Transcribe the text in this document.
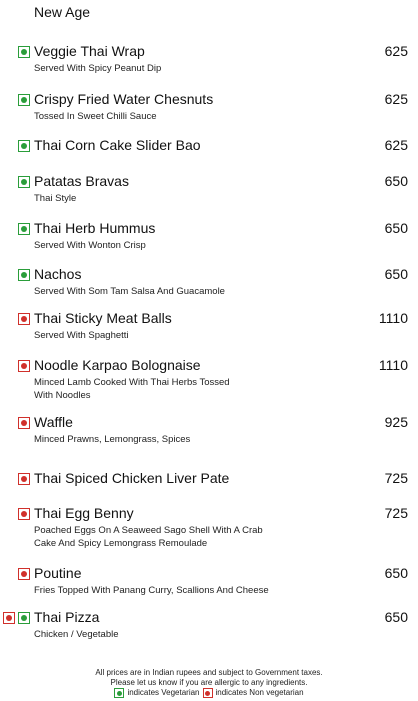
New Age
Veggie Thai Wrap	625
Served With Spicy Peanut Dip
Crispy Fried Water Chesnuts	625
Tossed In Sweet Chilli Sauce
Thai Corn Cake Slider Bao	625
Patatas Bravas	650
Thai Style
Thai Herb Hummus	650
Served With Wonton Crisp
Nachos	650
Served With Som Tam Salsa And Guacamole
Thai Sticky Meat Balls	1110
Served With Spaghetti
Noodle Karpao Bolognaise	1110
Minced Lamb Cooked With Thai Herbs Tossed With Noodles
Waffle	925
Minced Prawns, Lemongrass, Spices
Thai Spiced Chicken Liver Pate	725
Thai Egg Benny	725
Poached Eggs On A Seaweed Sago Shell With A Crab Cake And Spicy Lemongrass Remoulade
Poutine	650
Fries Topped With Panang Curry, Scallions And Cheese
Thai Pizza	650
Chicken / Vegetable
All prices are in Indian rupees and subject to Government taxes.
Please let us know if you are allergic to any ingredients.
indicates Vegetarian indicates Non vegetarian
